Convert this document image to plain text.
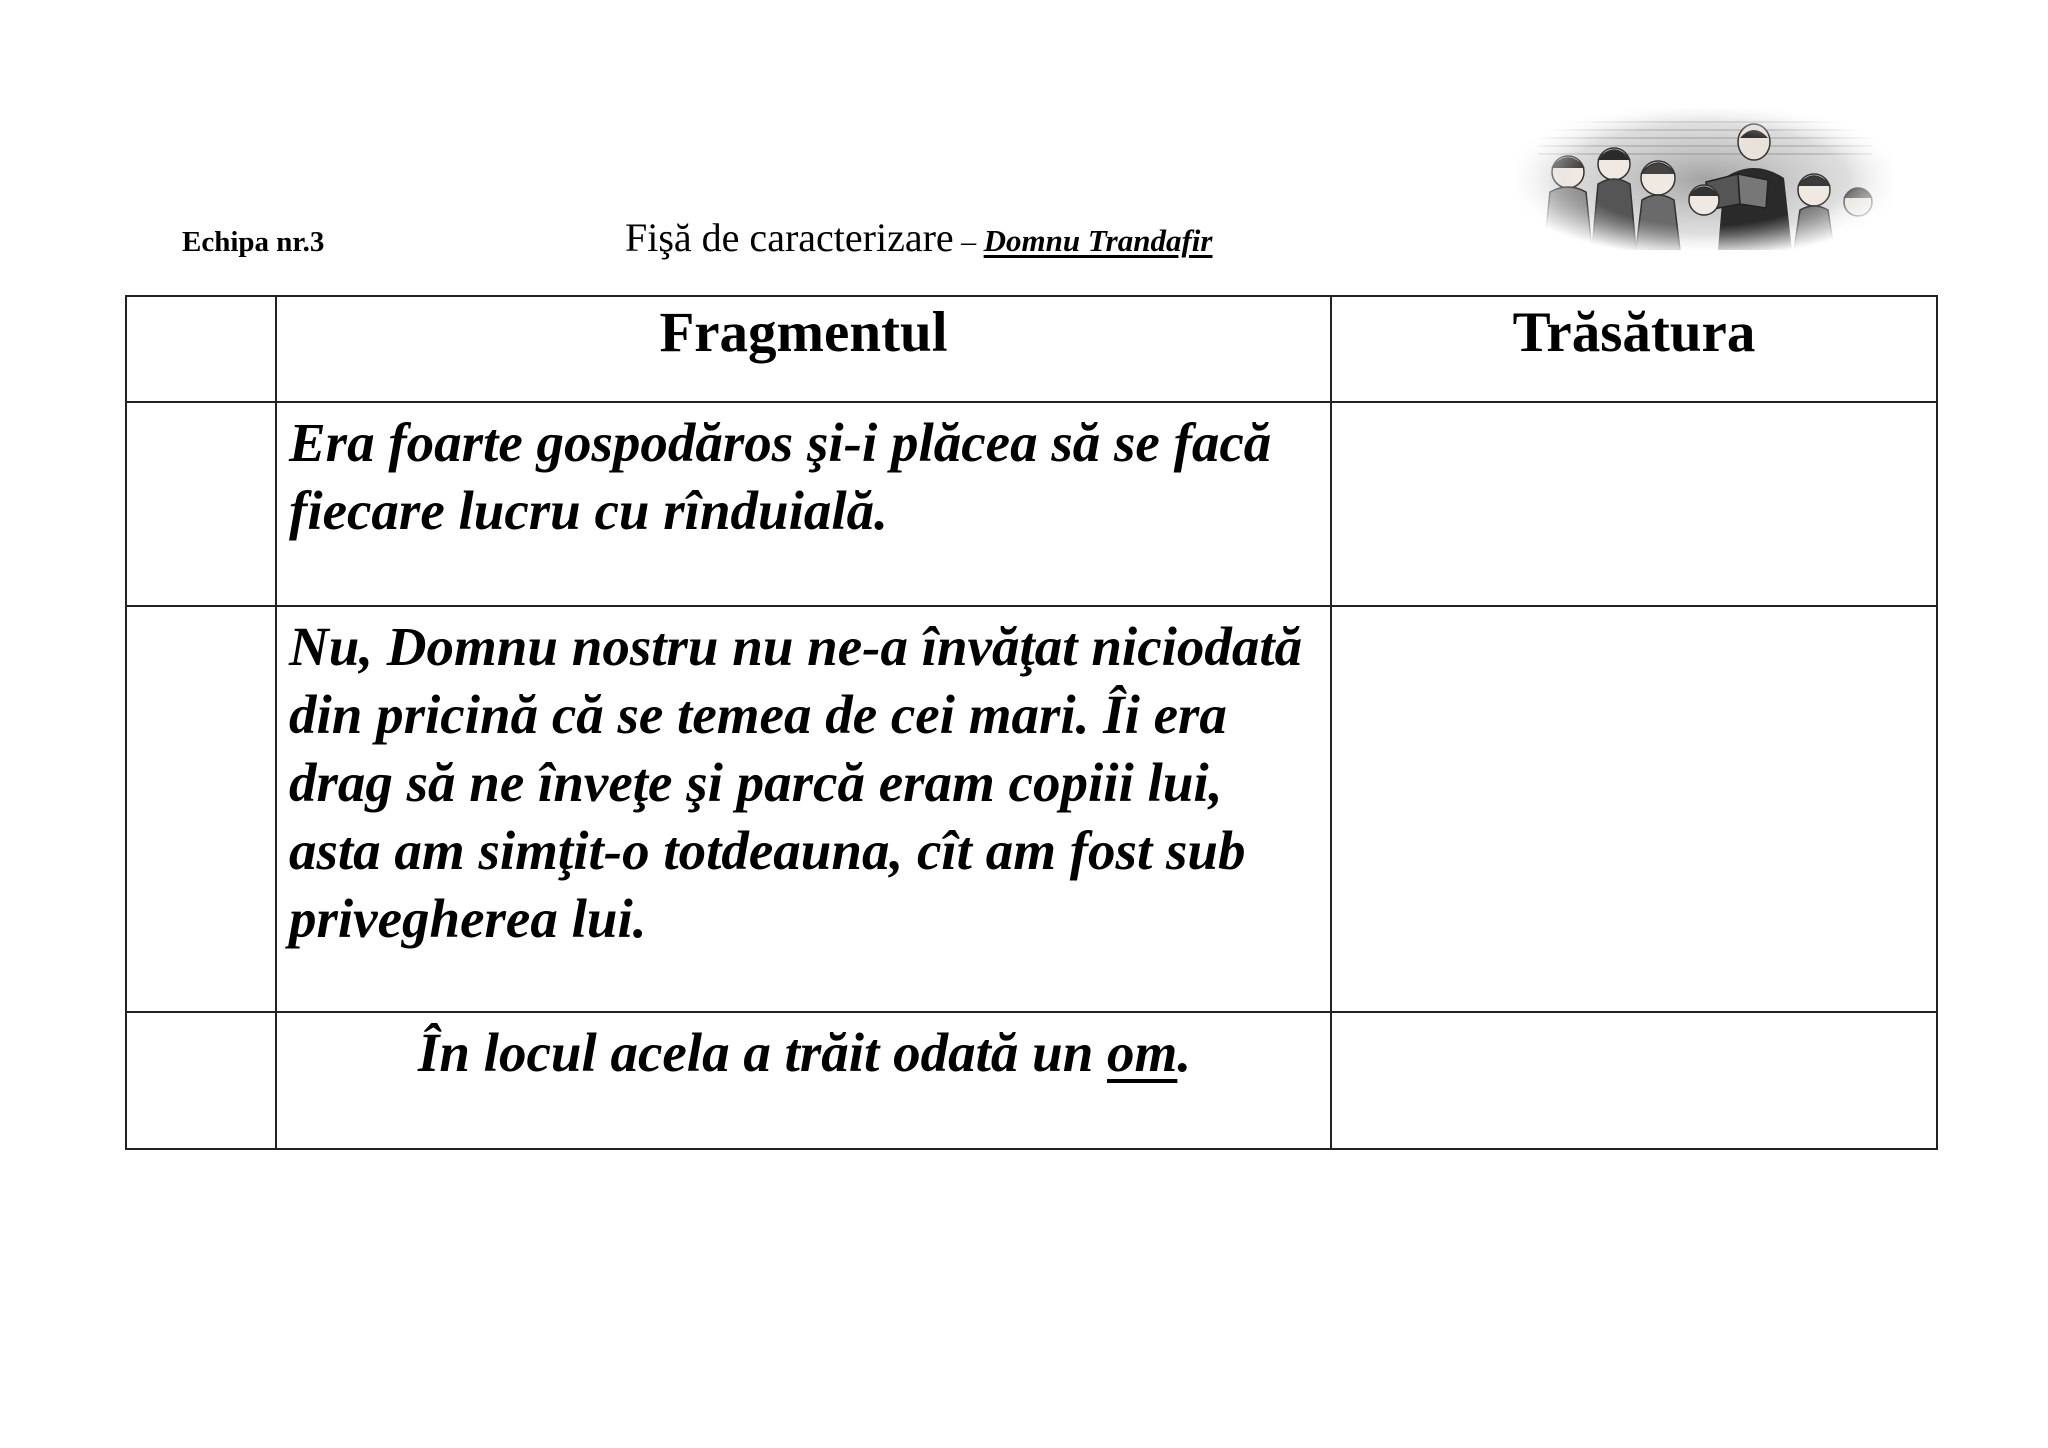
Echipa nr.3	Fişă de caracterizare – Domnu Trandafir
	Fragmentul	Trăsătura
	Era foarte gospodăros şi-i plăcea să se facă fiecare lucru cu rînduială.	
	Nu, Domnu nostru nu ne-a învăţat niciodată din pricină că se temea de cei mari. Îi era drag să ne înveţe şi parcă eram copiii lui, asta am simţit-o totdeauna, cît am fost sub privegherea lui.	
	În locul acela a trăit odată un om.	
